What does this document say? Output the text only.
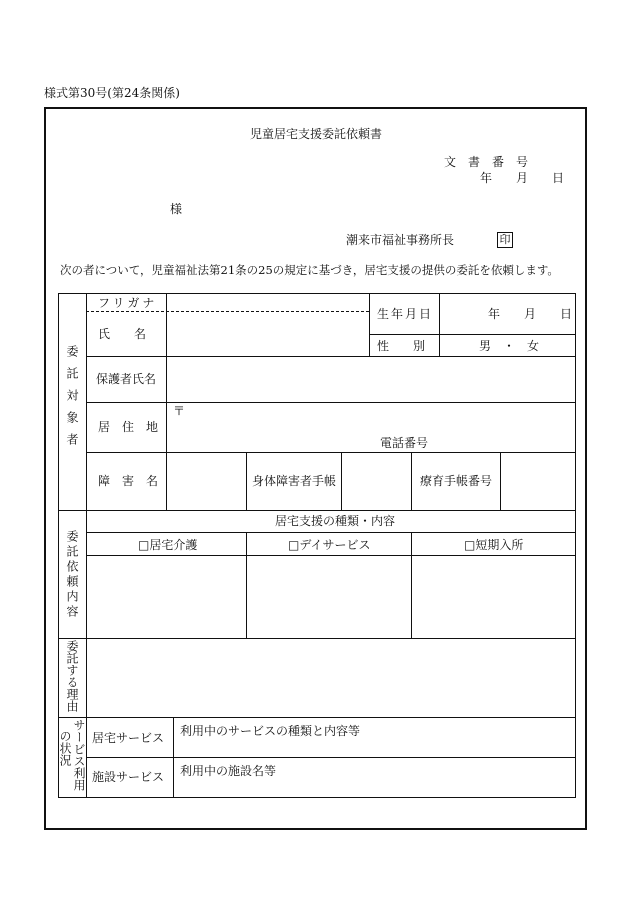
様式第30号(第24条関係)
児童居宅支援委託依頼書
文　書　番　号
年　　月　　日
様
潮来市福祉事務所長	印
次の者について，児童福祉法第21条の25の規定に基づき，居宅支援の提供の委託を依頼します。
委託対象者
フリガナ
氏　　名
生年月日	年　　月　　日
性　　別	男　・　女
保護者氏名
〒
居　住　地
電話番号
障　害　名	身体障害者手帳	療育手帳番号
委託依頼内容
居宅支援の種類・内容
□居宅介護	□デイサービス	□短期入所
委託する理由
サービス利用
の状況 居宅サービス 利用中のサービスの種類と内容等
施設サービス 利用中の施設名等
